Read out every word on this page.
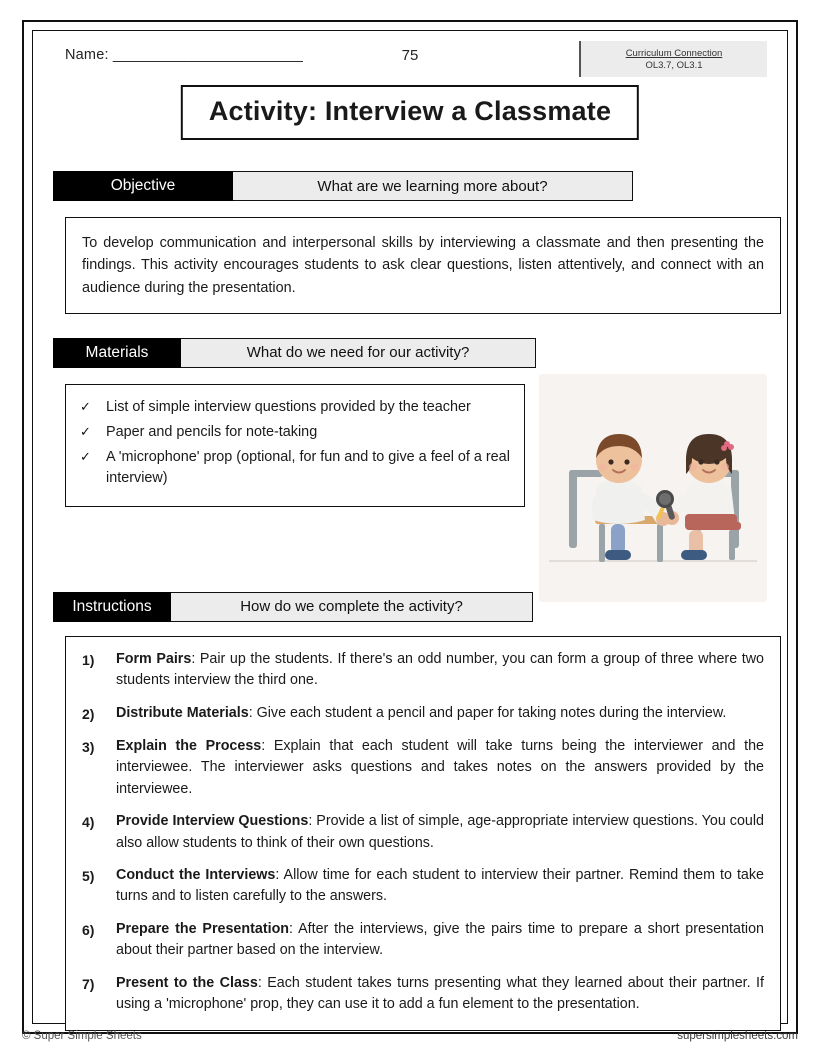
Name: _______________________	75	Curriculum Connection
OL3.7, OL3.1
Activity: Interview a Classmate
Objective	What are we learning more about?
To develop communication and interpersonal skills by interviewing a classmate and then presenting the findings. This activity encourages students to ask clear questions, listen attentively, and connect with an audience during the presentation.
Materials	What do we need for our activity?
✓	List of simple interview questions provided by the teacher
✓	Paper and pencils for note-taking
✓	A 'microphone' prop (optional, for fun and to give a feel of a real interview)
Instructions	How do we complete the activity?
1)	Form Pairs: Pair up the students. If there's an odd number, you can form a group of three where two students interview the third one.
2)	Distribute Materials: Give each student a pencil and paper for taking notes during the interview.
3)	Explain the Process: Explain that each student will take turns being the interviewer and the interviewee. The interviewer asks questions and takes notes on the answers provided by the interviewee.
4)	Provide Interview Questions: Provide a list of simple, age-appropriate interview questions. You could also allow students to think of their own questions.
5)	Conduct the Interviews: Allow time for each student to interview their partner. Remind them to take turns and to listen carefully to the answers.
6)	Prepare the Presentation: After the interviews, give the pairs time to prepare a short presentation about their partner based on the interview.
7)	Present to the Class: Each student takes turns presenting what they learned about their partner. If using a 'microphone' prop, they can use it to add a fun element to the presentation.
© Super Simple Sheets	supersimplesheets.com
